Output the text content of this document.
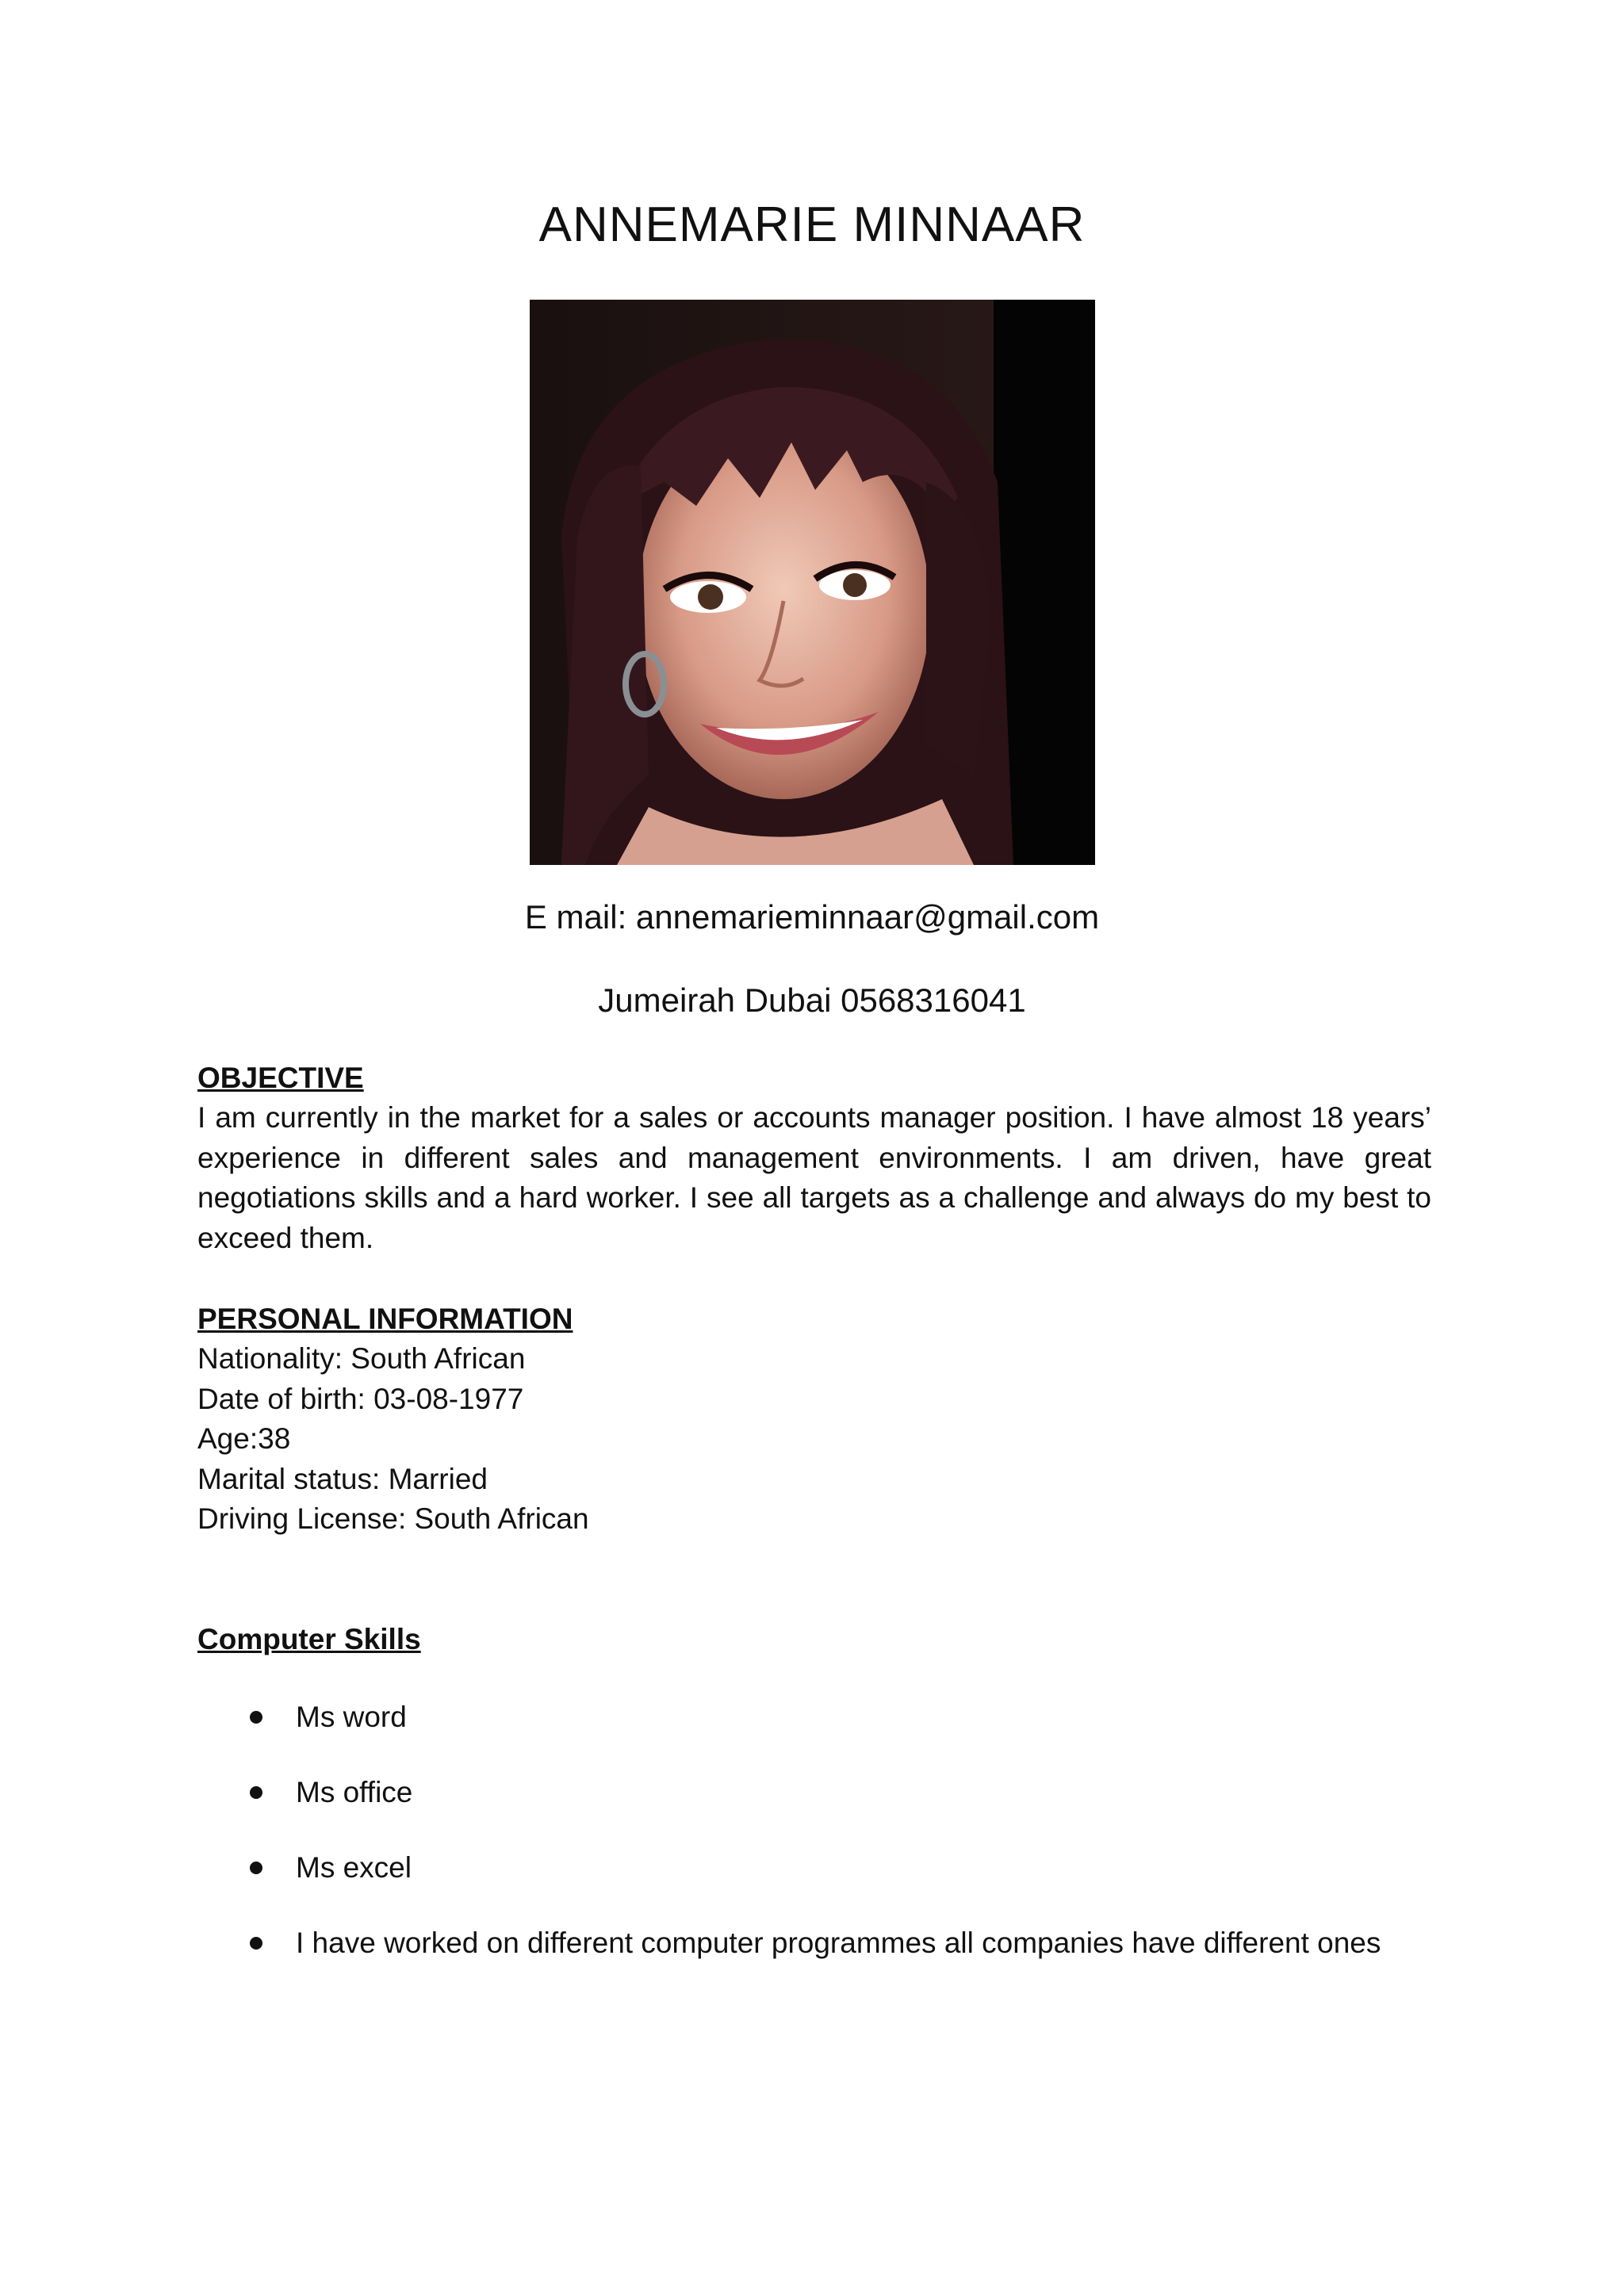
ANNEMARIE MINNAAR
E mail: annemarieminnaar@gmail.com
Jumeirah Dubai 0568316041
OBJECTIVE
I am currently in the market for a sales or accounts manager position. I have almost 18 years’ experience in different sales and management environments. I am driven, have great negotiations skills and a hard worker. I see all targets as a challenge and always do my best to exceed them.
PERSONAL INFORMATION
Nationality: South African
Date of birth: 03-08-1977
Age:38
Marital status: Married
Driving License: South African
Computer Skills
Ms word
Ms office
Ms excel
I have worked on different computer programmes all companies have different ones
